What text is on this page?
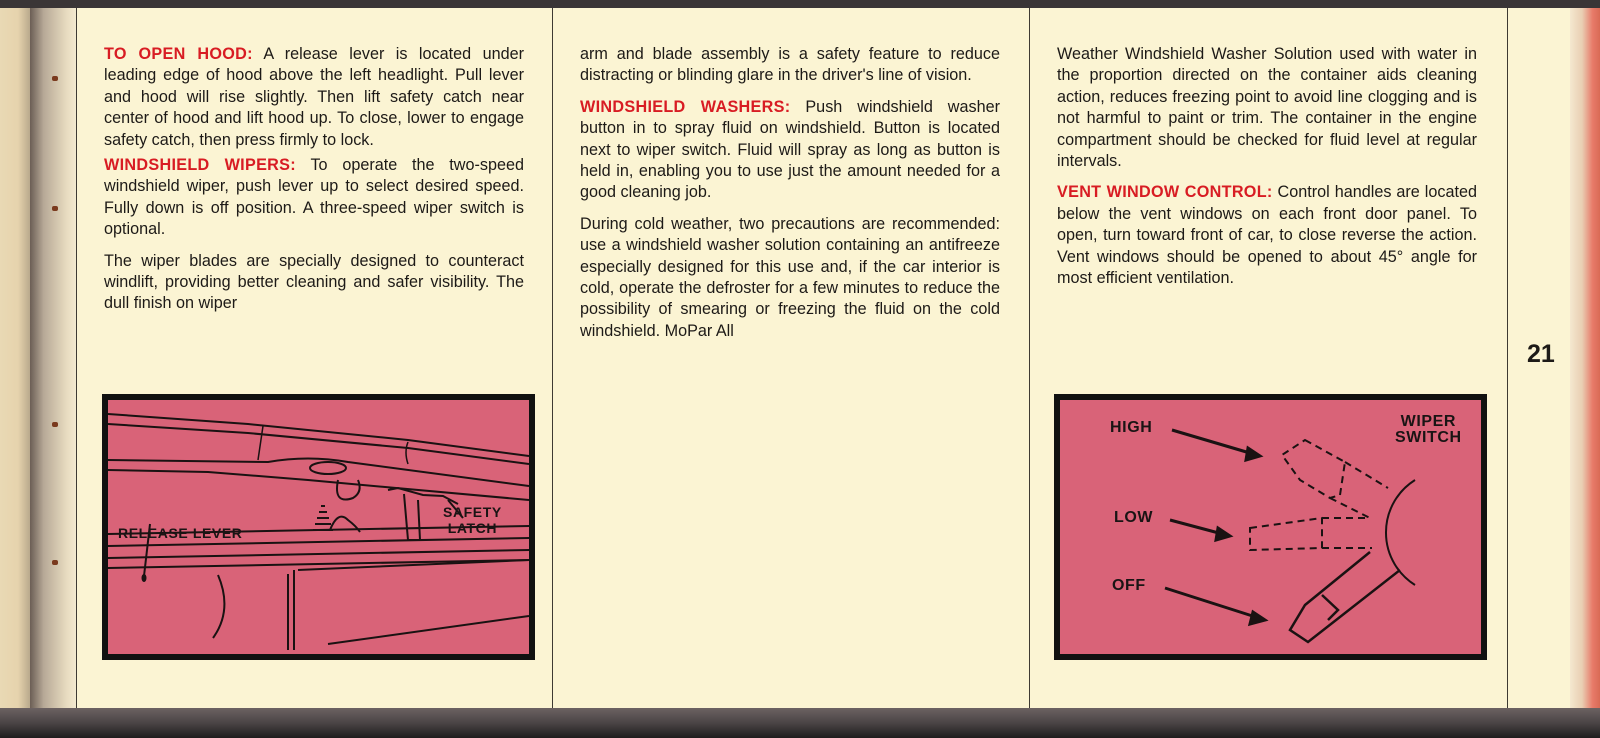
TO OPEN HOOD: A release lever is located under leading edge of hood above the left headlight. Pull lever and hood will rise slightly. Then lift safety catch near center of hood and lift hood up. To close, lower to engage safety catch, then press firmly to lock.

WINDSHIELD WIPERS: To operate the two-speed windshield wiper, push lever up to select desired speed. Fully down is off position. A three-speed wiper switch is optional.

The wiper blades are specially designed to counteract windlift, providing better cleaning and safer visibility. The dull finish on wiper

arm and blade assembly is a safety feature to reduce distracting or blinding glare in the driver's line of vision.

WINDSHIELD WASHERS: Push windshield washer button in to spray fluid on windshield. Button is located next to wiper switch. Fluid will spray as long as button is held in, enabling you to use just the amount needed for a good cleaning job.

During cold weather, two precautions are recommended: use a windshield washer solution containing an antifreeze especially designed for this use and, if the car interior is cold, operate the defroster for a few minutes to reduce the possibility of smearing or freezing the fluid on the cold windshield. MoPar All

Weather Windshield Washer Solution used with water in the proportion directed on the container aids cleaning action, reduces freezing point to avoid line clogging and is not harmful to paint or trim. The container in the engine compartment should be checked for fluid level at regular intervals.

VENT WINDOW CONTROL: Control handles are located below the vent windows on each front door panel. To open, turn toward front of car, to close reverse the action. Vent windows should be opened to about 45° angle for most efficient ventilation.

21
RELEASE LEVER
SAFETY
LATCH
HIGH
LOW
OFF
WIPER
SWITCH
